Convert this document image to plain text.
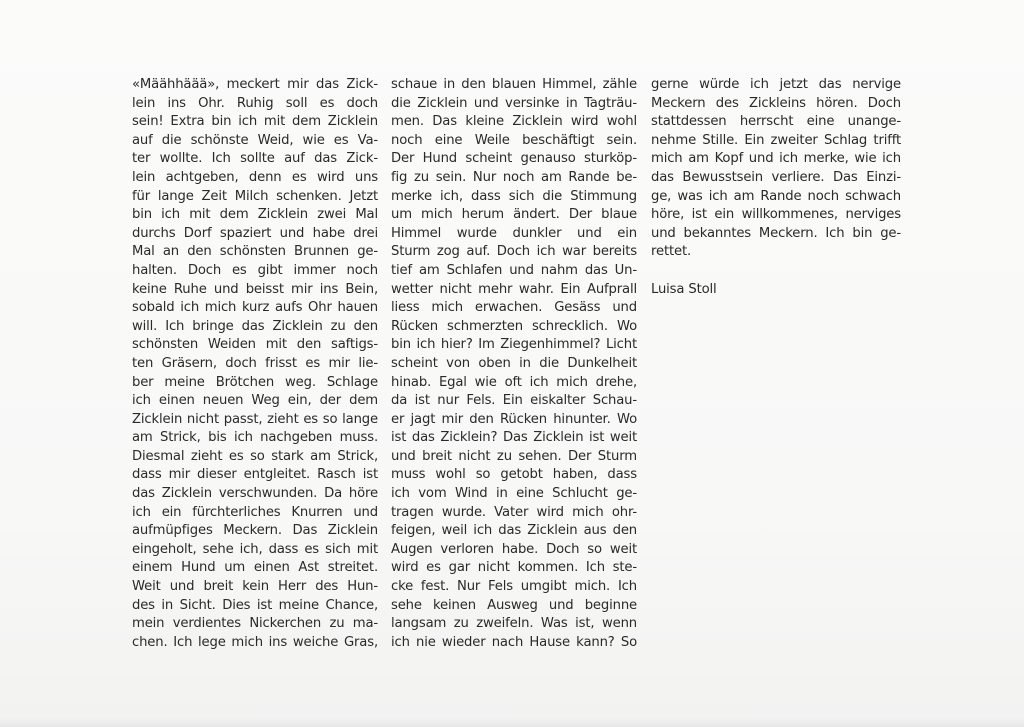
«Määhhäää», meckert mir das Zick-
lein ins Ohr. Ruhig soll es doch
sein! Extra bin ich mit dem Zicklein
auf die schönste Weid, wie es Va-
ter wollte. Ich sollte auf das Zick-
lein achtgeben, denn es wird uns
für lange Zeit Milch schenken. Jetzt
bin ich mit dem Zicklein zwei Mal
durchs Dorf spaziert und habe drei
Mal an den schönsten Brunnen ge-
halten. Doch es gibt immer noch
keine Ruhe und beisst mir ins Bein,
sobald ich mich kurz aufs Ohr hauen
will. Ich bringe das Zicklein zu den
schönsten Weiden mit den saftigs-
ten Gräsern, doch frisst es mir lie-
ber meine Brötchen weg. Schlage
ich einen neuen Weg ein, der dem
Zicklein nicht passt, zieht es so lange
am Strick, bis ich nachgeben muss.
Diesmal zieht es so stark am Strick,
dass mir dieser entgleitet. Rasch ist
das Zicklein verschwunden. Da höre
ich ein fürchterliches Knurren und
aufmüpfiges Meckern. Das Zicklein
eingeholt, sehe ich, dass es sich mit
einem Hund um einen Ast streitet.
Weit und breit kein Herr des Hun-
des in Sicht. Dies ist meine Chance,
mein verdientes Nickerchen zu ma-
chen. Ich lege mich ins weiche Gras,
schaue in den blauen Himmel, zähle
die Zicklein und versinke in Tagträu-
men. Das kleine Zicklein wird wohl
noch eine Weile beschäftigt sein.
Der Hund scheint genauso sturköp-
fig zu sein. Nur noch am Rande be-
merke ich, dass sich die Stimmung
um mich herum ändert. Der blaue
Himmel wurde dunkler und ein
Sturm zog auf. Doch ich war bereits
tief am Schlafen und nahm das Un-
wetter nicht mehr wahr. Ein Aufprall
liess mich erwachen. Gesäss und
Rücken schmerzten schrecklich. Wo
bin ich hier? Im Ziegenhimmel? Licht
scheint von oben in die Dunkelheit
hinab. Egal wie oft ich mich drehe,
da ist nur Fels. Ein eiskalter Schau-
er jagt mir den Rücken hinunter. Wo
ist das Zicklein? Das Zicklein ist weit
und breit nicht zu sehen. Der Sturm
muss wohl so getobt haben, dass
ich vom Wind in eine Schlucht ge-
tragen wurde. Vater wird mich ohr-
feigen, weil ich das Zicklein aus den
Augen verloren habe. Doch so weit
wird es gar nicht kommen. Ich ste-
cke fest. Nur Fels umgibt mich. Ich
sehe keinen Ausweg und beginne
langsam zu zweifeln. Was ist, wenn
ich nie wieder nach Hause kann? So
gerne würde ich jetzt das nervige
Meckern des Zickleins hören. Doch
stattdessen herrscht eine unange-
nehme Stille. Ein zweiter Schlag trifft
mich am Kopf und ich merke, wie ich
das Bewusstsein verliere. Das Einzi-
ge, was ich am Rande noch schwach
höre, ist ein willkommenes, nerviges
und bekanntes Meckern. Ich bin ge-
rettet.
Luisa Stoll
